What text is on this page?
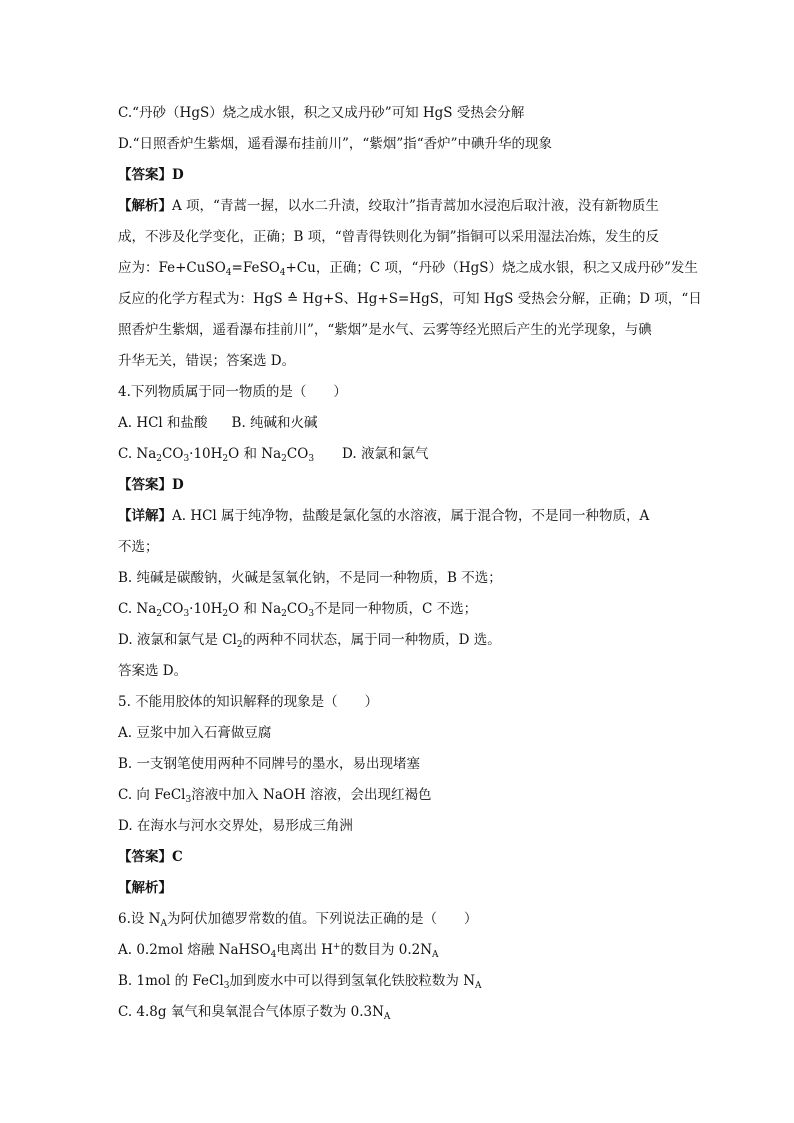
C.“丹砂（HgS）烧之成水银，积之又成丹砂”可知 HgS 受热会分解
D.“日照香炉生紫烟，遥看瀑布挂前川”，“紫烟”指“香炉”中碘升华的现象
【答案】D
【解析】A 项，“青蒿一握，以水二升渍，绞取汁”指青蒿加水浸泡后取汁液，没有新物质生
成，不涉及化学变化，正确；B 项，“曾青得铁则化为铜”指铜可以采用湿法冶炼，发生的反
应为：Fe+CuSO$_4$=FeSO$_4$+Cu，正确；C 项，“丹砂（HgS）烧之成水银，积之又成丹砂”发生
反应的化学方程式为：HgS ≙ Hg+S、Hg+S=HgS，可知 HgS 受热会分解，正确；D 项，“日
照香炉生紫烟，遥看瀑布挂前川”，“紫烟”是水气、云雾等经光照后产生的光学现象，与碘
升华无关，错误；答案选 D。
4.下列物质属于同一物质的是（　　）
A. HCl 和盐酸 B. 纯碱和火碱
C. $Na_2CO_3\cdot 10H_2O$ 和 $Na_2CO_3$ D. 液氯和氯气
【答案】D
【详解】A. HCl 属于纯净物，盐酸是氯化氢的水溶液，属于混合物，不是同一种物质，A
不选；
B. 纯碱是碳酸钠，火碱是氢氧化钠，不是同一种物质，B 不选；
C. $Na_2CO_3\cdot 10H_2O$ 和 $Na_2CO_3$不是同一种物质，C 不选；
D. 液氯和氯气是 $Cl_2$的两种不同状态，属于同一种物质，D 选。
答案选 D。
5. 不能用胶体的知识解释的现象是（　　）
A. 豆浆中加入石膏做豆腐
B. 一支钢笔使用两种不同牌号的墨水，易出现堵塞
C. 向 FeCl$_3$溶液中加入 NaOH 溶液，会出现红褐色
D. 在海水与河水交界处，易形成三角洲
【答案】C
【解析】
6.设 $N_A$为阿伏加德罗常数的值。下列说法正确的是（　　）
A. 0.2mol 熔融 NaHSO$_4$电离出 H+的数目为 $0.2N_A$
B. 1mol 的 FeCl$_3$加到废水中可以得到氢氧化铁胶粒数为 $N_A$
C. 4.8g 氧气和臭氧混合气体原子数为 $0.3N_A$
